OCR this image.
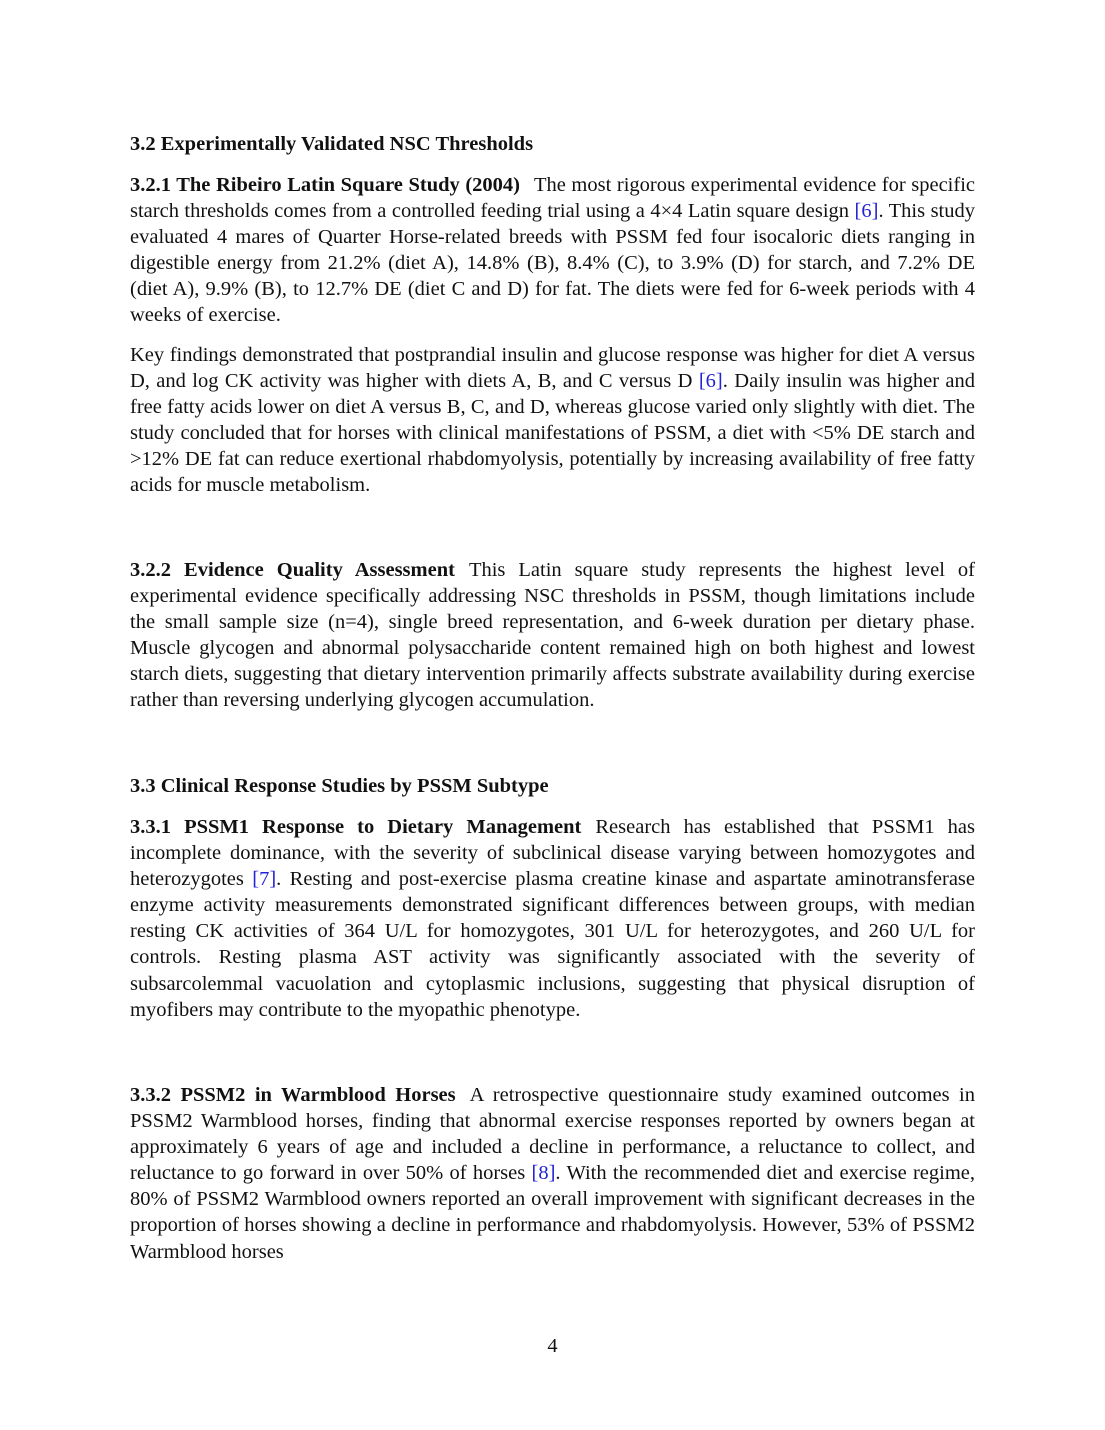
3.2 Experimentally Validated NSC Thresholds

3.2.1 The Ribeiro Latin Square Study (2004) The most rigorous experimental evidence for specific starch thresholds comes from a controlled feeding trial using a 4×4 Latin square design [6]. This study evaluated 4 mares of Quarter Horse-related breeds with PSSM fed four isocaloric diets ranging in digestible energy from 21.2% (diet A), 14.8% (B), 8.4% (C), to 3.9% (D) for starch, and 7.2% DE (diet A), 9.9% (B), to 12.7% DE (diet C and D) for fat. The diets were fed for 6-week periods with 4 weeks of exercise.

Key findings demonstrated that postprandial insulin and glucose response was higher for diet A versus D, and log CK activity was higher with diets A, B, and C versus D [6]. Daily insulin was higher and free fatty acids lower on diet A versus B, C, and D, whereas glucose varied only slightly with diet. The study concluded that for horses with clinical manifestations of PSSM, a diet with <5% DE starch and >12% DE fat can reduce exertional rhabdomyolysis, potentially by increasing availability of free fatty acids for muscle metabolism.

3.2.2 Evidence Quality Assessment This Latin square study represents the highest level of experimental evidence specifically addressing NSC thresholds in PSSM, though limitations include the small sample size (n=4), single breed representation, and 6-week duration per dietary phase. Muscle glycogen and abnormal polysaccharide content remained high on both highest and lowest starch diets, suggesting that dietary intervention primarily affects substrate availability during exercise rather than reversing underlying glycogen accumulation.

3.3 Clinical Response Studies by PSSM Subtype

3.3.1 PSSM1 Response to Dietary Management Research has established that PSSM1 has incomplete dominance, with the severity of subclinical disease varying between homozygotes and heterozygotes [7]. Resting and post-exercise plasma creatine kinase and aspartate aminotransferase enzyme activity measurements demonstrated significant differences between groups, with median resting CK activities of 364 U/L for homozygotes, 301 U/L for heterozygotes, and 260 U/L for controls. Resting plasma AST activity was significantly associated with the severity of subsarcolemmal vacuolation and cytoplasmic inclusions, suggesting that physical disruption of myofibers may contribute to the myopathic phenotype.

3.3.2 PSSM2 in Warmblood Horses A retrospective questionnaire study examined outcomes in PSSM2 Warmblood horses, finding that abnormal exercise responses reported by owners began at approximately 6 years of age and included a decline in performance, a reluctance to collect, and reluctance to go forward in over 50% of horses [8]. With the recommended diet and exercise regime, 80% of PSSM2 Warmblood owners reported an overall improvement with significant decreases in the proportion of horses showing a decline in performance and rhabdomyolysis. However, 53% of PSSM2 Warmblood horses

4
